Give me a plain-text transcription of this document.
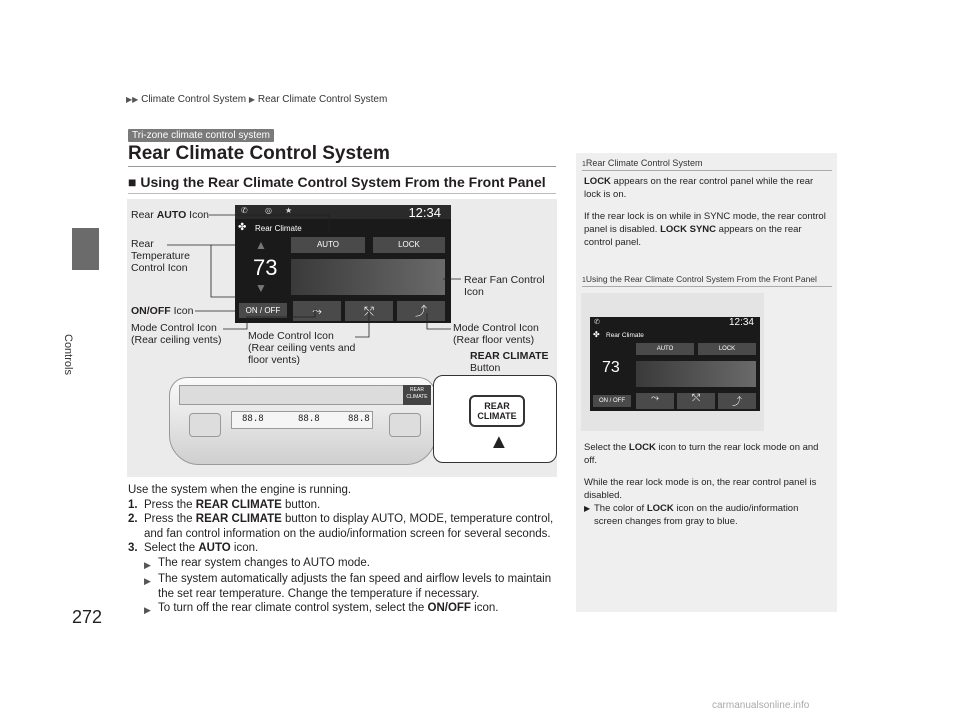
▶▶ Climate Control System ▶ Rear Climate Control System
Controls
272
Tri-zone climate control system
Rear Climate Control System
■ Using the Rear Climate Control System From the Front Panel
✆ ◎ ★	12:34
✤ Rear Climate
AUTO	LOCK
▲
73
▼
ON / OFF	⤳	⤲	⤴
Rear AUTO Icon
Rear
Temperature
Control Icon
ON/OFF Icon
Mode Control Icon
(Rear ceiling vents)	Mode Control Icon
(Rear ceiling vents and
floor vents)
Mode Control Icon
(Rear floor vents)
Rear Fan Control
Icon
REAR CLIMATE
Button
REAR
CLIMATE
88.8	88.8	88.8
REAR
CLIMATE
▲

Use the system when the engine is running.

1. Press the REAR CLIMATE button.
2. Press the REAR CLIMATE button to display AUTO, MODE, temperature control, and fan control information on the audio/information screen for several seconds.
3. Select the AUTO icon.
▶ The rear system changes to AUTO mode.
▶ The system automatically adjusts the fan speed and airflow levels to maintain the set rear temperature. Change the temperature if necessary.
▶ To turn off the rear climate control system, select the ON/OFF icon.
1Rear Climate Control System

LOCK appears on the rear control panel while the rear lock is on.

If the rear lock is on while in SYNC mode, the rear control panel is disabled. LOCK SYNC appears on the rear control panel.

1Using the Rear Climate Control System From the Front Panel
✆	12:34
✤ Rear Climate
AUTO	LOCK
73
ON / OFF	⤳	⤲	⤴

Select the LOCK icon to turn the rear lock mode on and off.

While the rear lock mode is on, the rear control panel is disabled.

▶ The color of LOCK icon on the audio/information screen changes from gray to blue.

carmanualsonline.info
